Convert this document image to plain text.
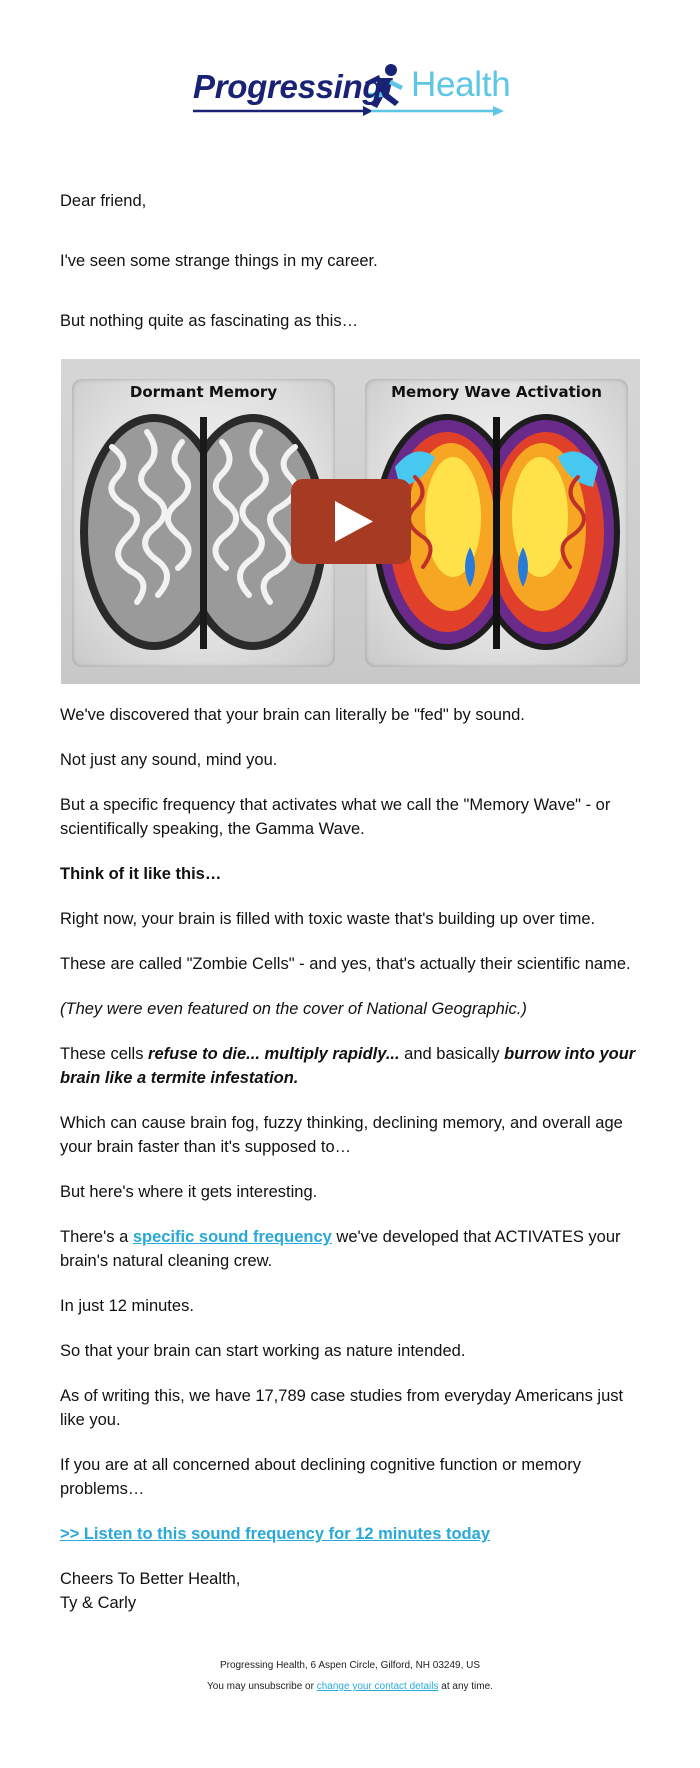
Progressing Health

Dear friend,

I've seen some strange things in my career.

But nothing quite as fascinating as this…

Dormant Memory	Memory Wave Activation

We've discovered that your brain can literally be "fed" by sound.

Not just any sound, mind you.

But a specific frequency that activates what we call the "Memory Wave" - or scientifically speaking, the Gamma Wave.

Think of it like this…

Right now, your brain is filled with toxic waste that's building up over time.

These are called "Zombie Cells" - and yes, that's actually their scientific name.

(They were even featured on the cover of National Geographic.)

These cells refuse to die... multiply rapidly... and basically burrow into your brain like a termite infestation.

Which can cause brain fog, fuzzy thinking, declining memory, and overall age your brain faster than it's supposed to…

But here's where it gets interesting.

There's a specific sound frequency we've developed that ACTIVATES your brain's natural cleaning crew.

In just 12 minutes.

So that your brain can start working as nature intended.

As of writing this, we have 17,789 case studies from everyday Americans just like you.

If you are at all concerned about declining cognitive function or memory problems…

>> Listen to this sound frequency for 12 minutes today

Cheers To Better Health,

Ty & Carly

Progressing Health, 6 Aspen Circle, Gilford, NH 03249, US
You may unsubscribe or change your contact details at any time.
